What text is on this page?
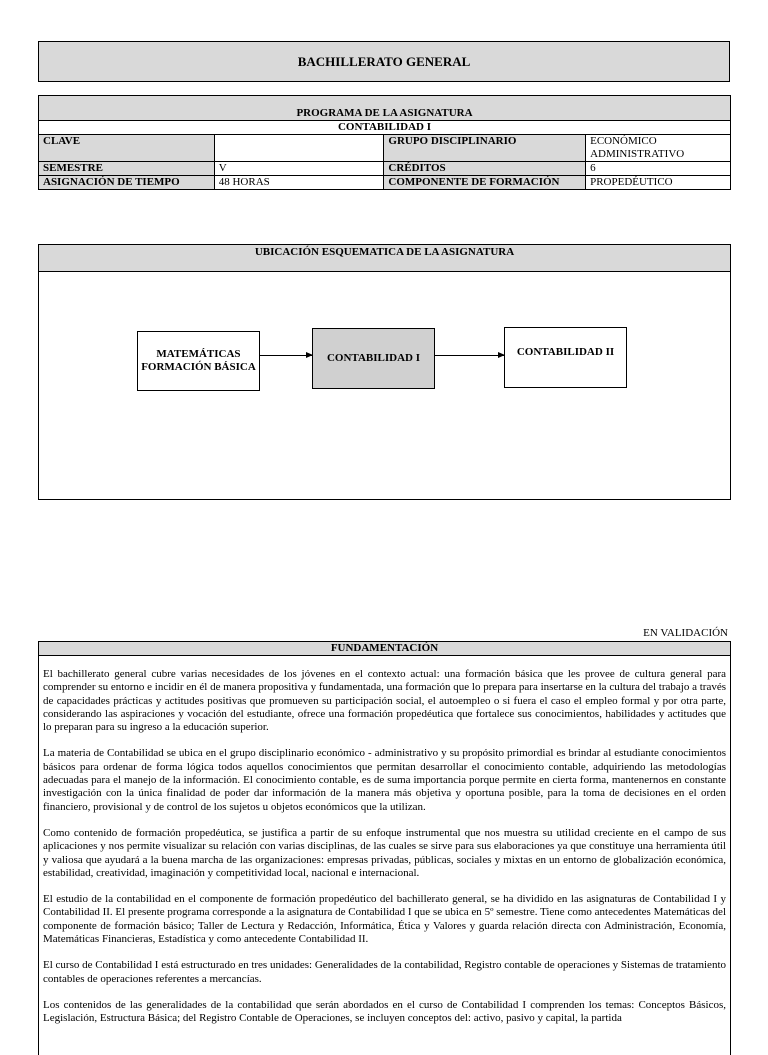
BACHILLERATO GENERAL
PROGRAMA DE LA ASIGNATURA			
CONTABILIDAD I			
CLAVE		GRUPO DISCIPLINARIO	ECONÓMICO ADMINISTRATIVO
SEMESTRE	V	CRÉDITOS	6
ASIGNACIÓN DE TIEMPO	48 HORAS	COMPONENTE DE FORMACIÓN	PROPEDÉUTICO
UBICACIÓN ESQUEMATICA DE LA ASIGNATURA
MATEMÁTICAS FORMACIÓN BÁSICA
CONTABILIDAD I	CONTABILIDAD II
EN VALIDACIÓN
FUNDAMENTACIÓN

El bachillerato general cubre varias necesidades de los jóvenes en el contexto actual: una formación básica que les provee de cultura general para comprender su entorno e incidir en él de manera propositiva y fundamentada, una formación que lo prepara para insertarse en la cultura del trabajo a través de capacidades prácticas y actitudes positivas que promueven su participación social, el autoempleo o si fuera el caso el empleo formal y por otra parte, considerando las aspiraciones y vocación del estudiante, ofrece una formación propedéutica que fortalece sus conocimientos, habilidades y actitudes que lo preparan para su ingreso a la educación superior.

La materia de Contabilidad se ubica en el grupo disciplinario económico - administrativo y su propósito primordial es brindar al estudiante conocimientos básicos para ordenar de forma lógica todos aquellos conocimientos que permitan desarrollar el conocimiento contable, adquiriendo las metodologías adecuadas para el manejo de la información. El conocimiento contable, es de suma importancia porque permite en cierta forma, mantenernos en constante investigación con la única finalidad de poder dar información de la manera más objetiva y oportuna posible, para la toma de decisiones en el orden financiero, provisional y de control de los sujetos u objetos económicos que la utilizan.

Como contenido de formación propedéutica, se justifica a partir de su enfoque instrumental que nos muestra su utilidad creciente en el campo de sus aplicaciones y nos permite visualizar su relación con varias disciplinas, de las cuales se sirve para sus elaboraciones ya que constituye una herramienta útil y valiosa que ayudará a la buena marcha de las organizaciones: empresas privadas, públicas, sociales y mixtas en un entorno de globalización económica, estabilidad, creatividad, imaginación y competitividad local, nacional e internacional.

El estudio de la contabilidad en el componente de formación propedéutico del bachillerato general, se ha dividido en las asignaturas de Contabilidad I y Contabilidad II. El presente programa corresponde a la asignatura de Contabilidad I que se ubica en 5º semestre. Tiene como antecedentes Matemáticas del componente de formación básico; Taller de Lectura y Redacción, Informática, Ética y Valores y guarda relación directa con Administración, Economía, Matemáticas Financieras, Estadística y como antecedente Contabilidad II.

El curso de Contabilidad I está estructurado en tres unidades: Generalidades de la contabilidad, Registro contable de operaciones y Sistemas de tratamiento contables de operaciones referentes a mercancías.

Los contenidos de las generalidades de la contabilidad que serán abordados en el curso de Contabilidad I comprenden los temas: Conceptos Básicos, Legislación, Estructura Básica; del Registro Contable de Operaciones, se incluyen conceptos del: activo, pasivo y capital, la partida
